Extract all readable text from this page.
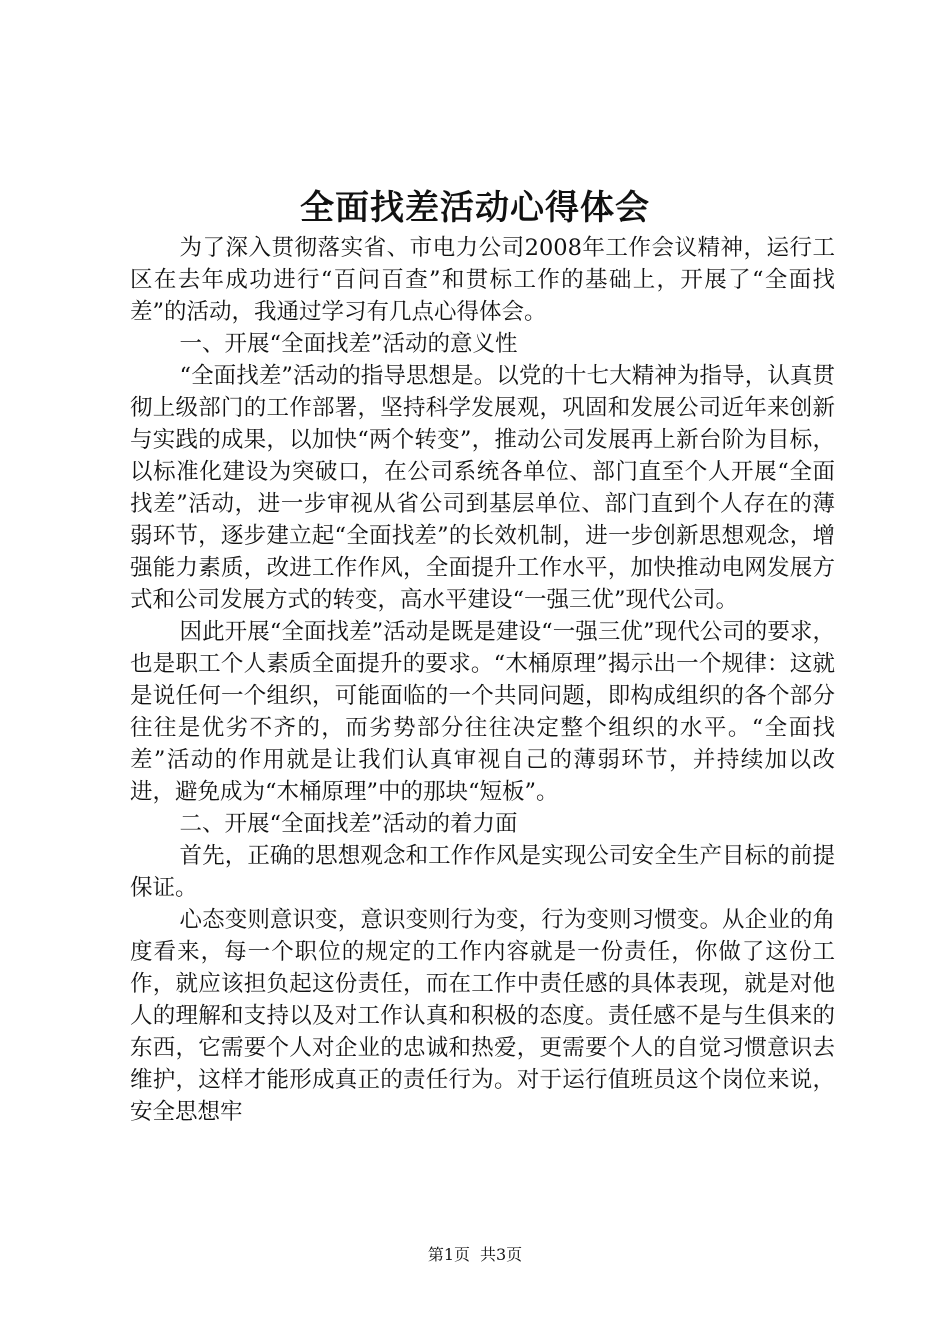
全面找差活动心得体会

为了深入贯彻落实省、市电力公司2008年工作会议精神，运行工区在去年成功进行“百问百查”和贯标工作的基础上，开展了“全面找差”的活动，我通过学习有几点心得体会。

一、开展“全面找差”活动的意义性

“全面找差”活动的指导思想是。以党的十七大精神为指导，认真贯彻上级部门的工作部署，坚持科学发展观，巩固和发展公司近年来创新与实践的成果，以加快“两个转变”，推动公司发展再上新台阶为目标，以标准化建设为突破口，在公司系统各单位、部门直至个人开展“全面找差”活动，进一步审视从省公司到基层单位、部门直到个人存在的薄弱环节，逐步建立起“全面找差”的长效机制，进一步创新思想观念，增强能力素质，改进工作作风，全面提升工作水平，加快推动电网发展方式和公司发展方式的转变，高水平建设“一强三优”现代公司。

因此开展“全面找差”活动是既是建设“一强三优”现代公司的要求，也是职工个人素质全面提升的要求。“木桶原理”揭示出一个规律：这就是说任何一个组织，可能面临的一个共同问题，即构成组织的各个部分往往是优劣不齐的，而劣势部分往往决定整个组织的水平。“全面找差”活动的作用就是让我们认真审视自己的薄弱环节，并持续加以改进，避免成为“木桶原理”中的那块“短板”。

二、开展“全面找差”活动的着力面

首先，正确的思想观念和工作作风是实现公司安全生产目标的前提保证。

心态变则意识变，意识变则行为变，行为变则习惯变。从企业的角度看来，每一个职位的规定的工作内容就是一份责任，你做了这份工作，就应该担负起这份责任，而在工作中责任感的具体表现，就是对他人的理解和支持以及对工作认真和积极的态度。责任感不是与生俱来的东西，它需要个人对企业的忠诚和热爱，更需要个人的自觉习惯意识去维护，这样才能形成真正的责任行为。对于运行值班员这个岗位来说，安全思想牢

第1页 共3页
